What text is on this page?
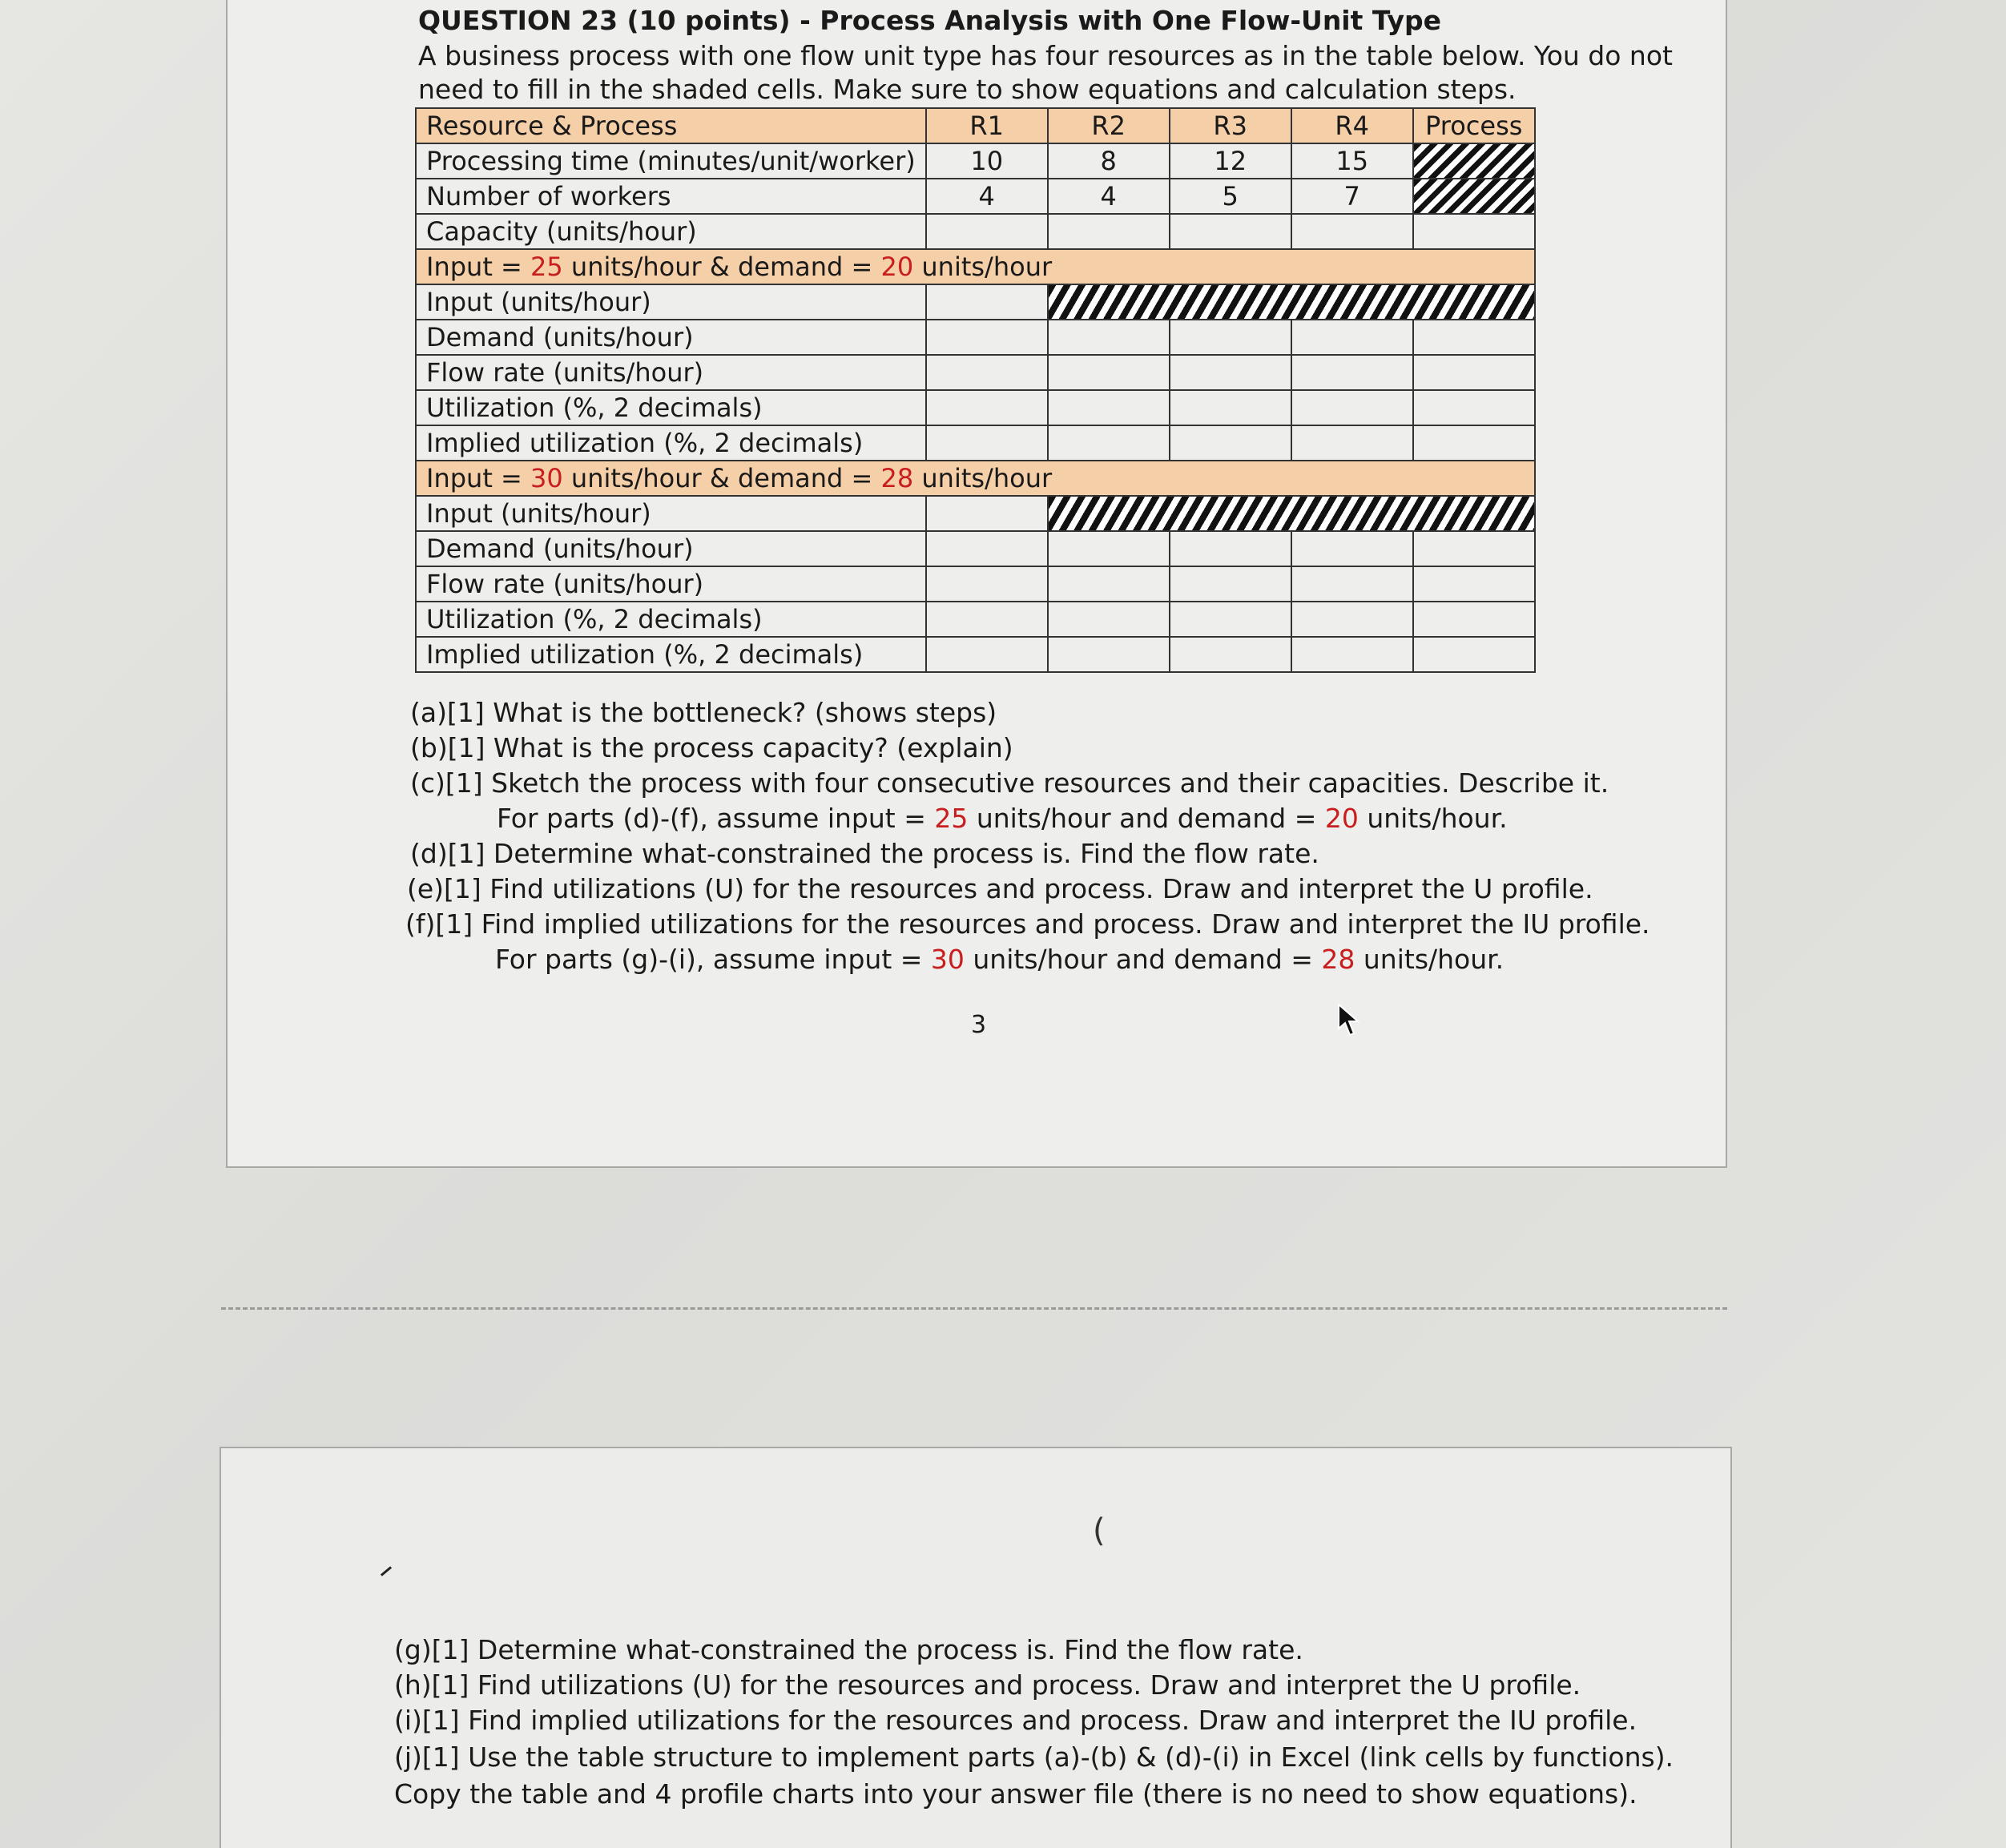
QUESTION 23 (10 points) - Process Analysis with One Flow-Unit Type
A business process with one flow unit type has four resources as in the table below. You do not
need to fill in the shaded cells. Make sure to show equations and calculation steps.
Resource & Process	R1	R2	R3	R4	Process
Processing time (minutes/unit/worker)	10	8	12	15	
Number of workers	4	4	5	7	
Capacity (units/hour)					
Input = 25 units/hour & demand = 20 units/hour					
Input (units/hour)					
Demand (units/hour)					
Flow rate (units/hour)					
Utilization (%, 2 decimals)					
Implied utilization (%, 2 decimals)					
Input = 30 units/hour & demand = 28 units/hour					
Input (units/hour)					
Demand (units/hour)					
Flow rate (units/hour)					
Utilization (%, 2 decimals)					
Implied utilization (%, 2 decimals)					
(a)[1] What is the bottleneck? (shows steps)
(b)[1] What is the process capacity? (explain)
(c)[1] Sketch the process with four consecutive resources and their capacities. Describe it.
For parts (d)-(f), assume input = 25 units/hour and demand = 20 units/hour.
(d)[1] Determine what-constrained the process is. Find the flow rate.
(e)[1] Find utilizations (U) for the resources and process. Draw and interpret the U profile.
(f)[1] Find implied utilizations for the resources and process. Draw and interpret the IU profile.
For parts (g)-(i), assume input = 30 units/hour and demand = 28 units/hour.
3
(
(g)[1] Determine what-constrained the process is. Find the flow rate.
(h)[1] Find utilizations (U) for the resources and process. Draw and interpret the U profile.
(i)[1] Find implied utilizations for the resources and process. Draw and interpret the IU profile.
(j)[1] Use the table structure to implement parts (a)-(b) & (d)-(i) in Excel (link cells by functions).
Copy the table and 4 profile charts into your answer file (there is no need to show equations).
